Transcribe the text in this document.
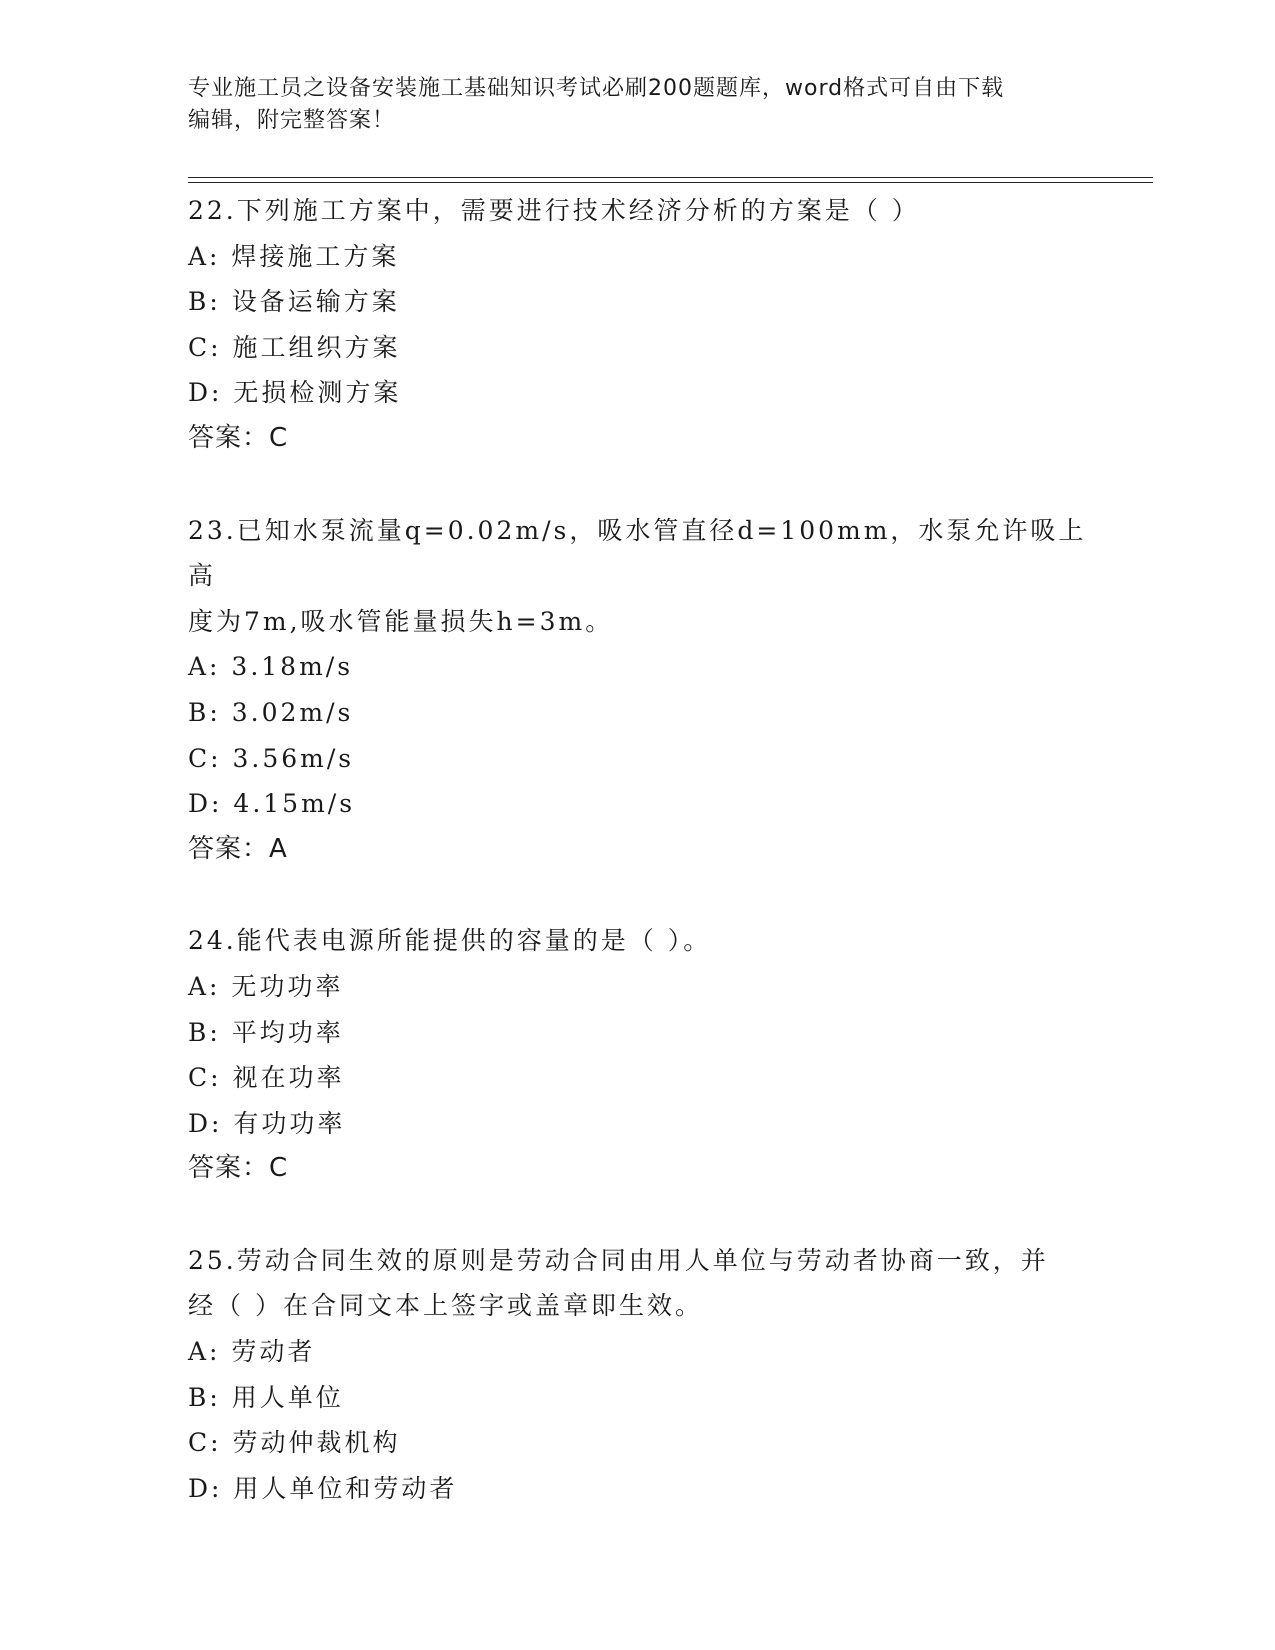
专业施工员之设备安装施工基础知识考试必刷200题题库，word格式可自由下载
编辑，附完整答案！
22.下列施工方案中，需要进行技术经济分析的方案是（ ）
A: 焊接施工方案
B: 设备运输方案
C: 施工组织方案
D: 无损检测方案
答案：C
23.已知水泵流量q=0.02m/s，吸水管直径d=100mm，水泵允许吸上高
度为7m,吸水管能量损失h=3m。
A: 3.18m/s
B: 3.02m/s
C: 3.56m/s
D: 4.15m/s
答案：A
24.能代表电源所能提供的容量的是（ ）。
A: 无功功率
B: 平均功率
C: 视在功率
D: 有功功率
答案：C
25.劳动合同生效的原则是劳动合同由用人单位与劳动者协商一致，并
经（ ）在合同文本上签字或盖章即生效。
A: 劳动者
B: 用人单位
C: 劳动仲裁机构
D: 用人单位和劳动者
